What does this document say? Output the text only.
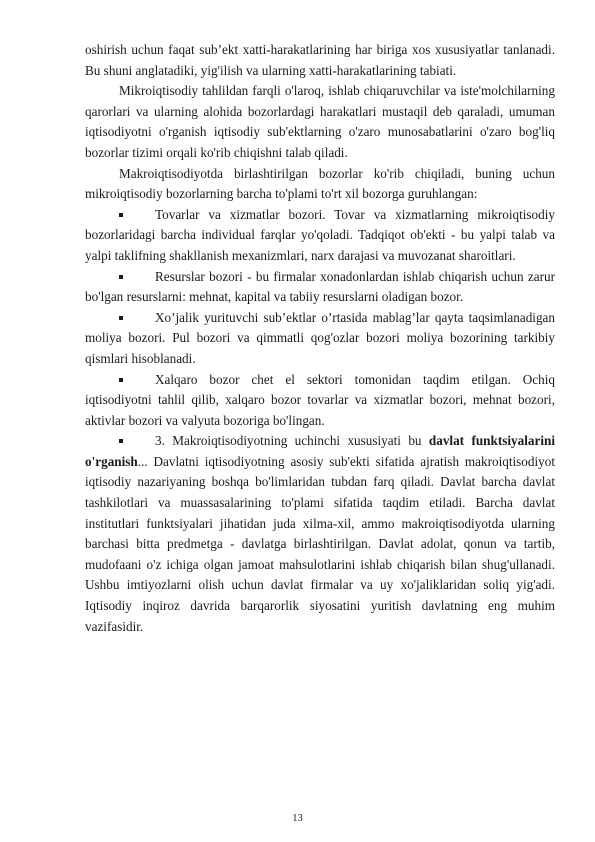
oshirish uchun faqat sub’ekt xatti-harakatlarining har biriga xos xususiyatlar tanlanadi. Bu shuni anglatadiki, yig'ilish va ularning xatti-harakatlarining tabiati.

Mikroiqtisodiy tahlildan farqli o'laroq, ishlab chiqaruvchilar va iste'molchilarning qarorlari va ularning alohida bozorlardagi harakatlari mustaqil deb qaraladi, umuman iqtisodiyotni o'rganish iqtisodiy sub'ektlarning o'zaro munosabatlarini o'zaro bog'liq bozorlar tizimi orqali ko'rib chiqishni talab qiladi.

Makroiqtisodiyotda birlashtirilgan bozorlar ko'rib chiqiladi, buning uchun mikroiqtisodiy bozorlarning barcha to'plami to'rt xil bozorga guruhlangan:

Tovarlar va xizmatlar bozori. Tovar va xizmatlarning mikroiqtisodiy bozorlaridagi barcha individual farqlar yo'qoladi. Tadqiqot ob'ekti - bu yalpi talab va yalpi taklifning shakllanish mexanizmlari, narx darajasi va muvozanat sharoitlari.

Resurslar bozori - bu firmalar xonadonlardan ishlab chiqarish uchun zarur bo'lgan resurslarni: mehnat, kapital va tabiiy resurslarni oladigan bozor.

Xo’jalik yurituvchi sub’ektlar o’rtasida mablag’lar qayta taqsimlanadigan moliya bozori. Pul bozori va qimmatli qog'ozlar bozori moliya bozorining tarkibiy qismlari hisoblanadi.

Xalqaro bozor chet el sektori tomonidan taqdim etilgan. Ochiq iqtisodiyotni tahlil qilib, xalqaro bozor tovarlar va xizmatlar bozori, mehnat bozori, aktivlar bozori va valyuta bozoriga bo'lingan.

3. Makroiqtisodiyotning uchinchi xususiyati bu davlat funktsiyalarini o'rganish... Davlatni iqtisodiyotning asosiy sub'ekti sifatida ajratish makroiqtisodiyot iqtisodiy nazariyaning boshqa bo'limlaridan tubdan farq qiladi. Davlat barcha davlat tashkilotlari va muassasalarining to'plami sifatida taqdim etiladi. Barcha davlat institutlari funktsiyalari jihatidan juda xilma-xil, ammo makroiqtisodiyotda ularning barchasi bitta predmetga - davlatga birlashtirilgan. Davlat adolat, qonun va tartib, mudofaani o'z ichiga olgan jamoat mahsulotlarini ishlab chiqarish bilan shug'ullanadi. Ushbu imtiyozlarni olish uchun davlat firmalar va uy xo'jaliklaridan soliq yig'adi. Iqtisodiy inqiroz davrida barqarorlik siyosatini yuritish davlatning eng muhim vazifasidir.

13
